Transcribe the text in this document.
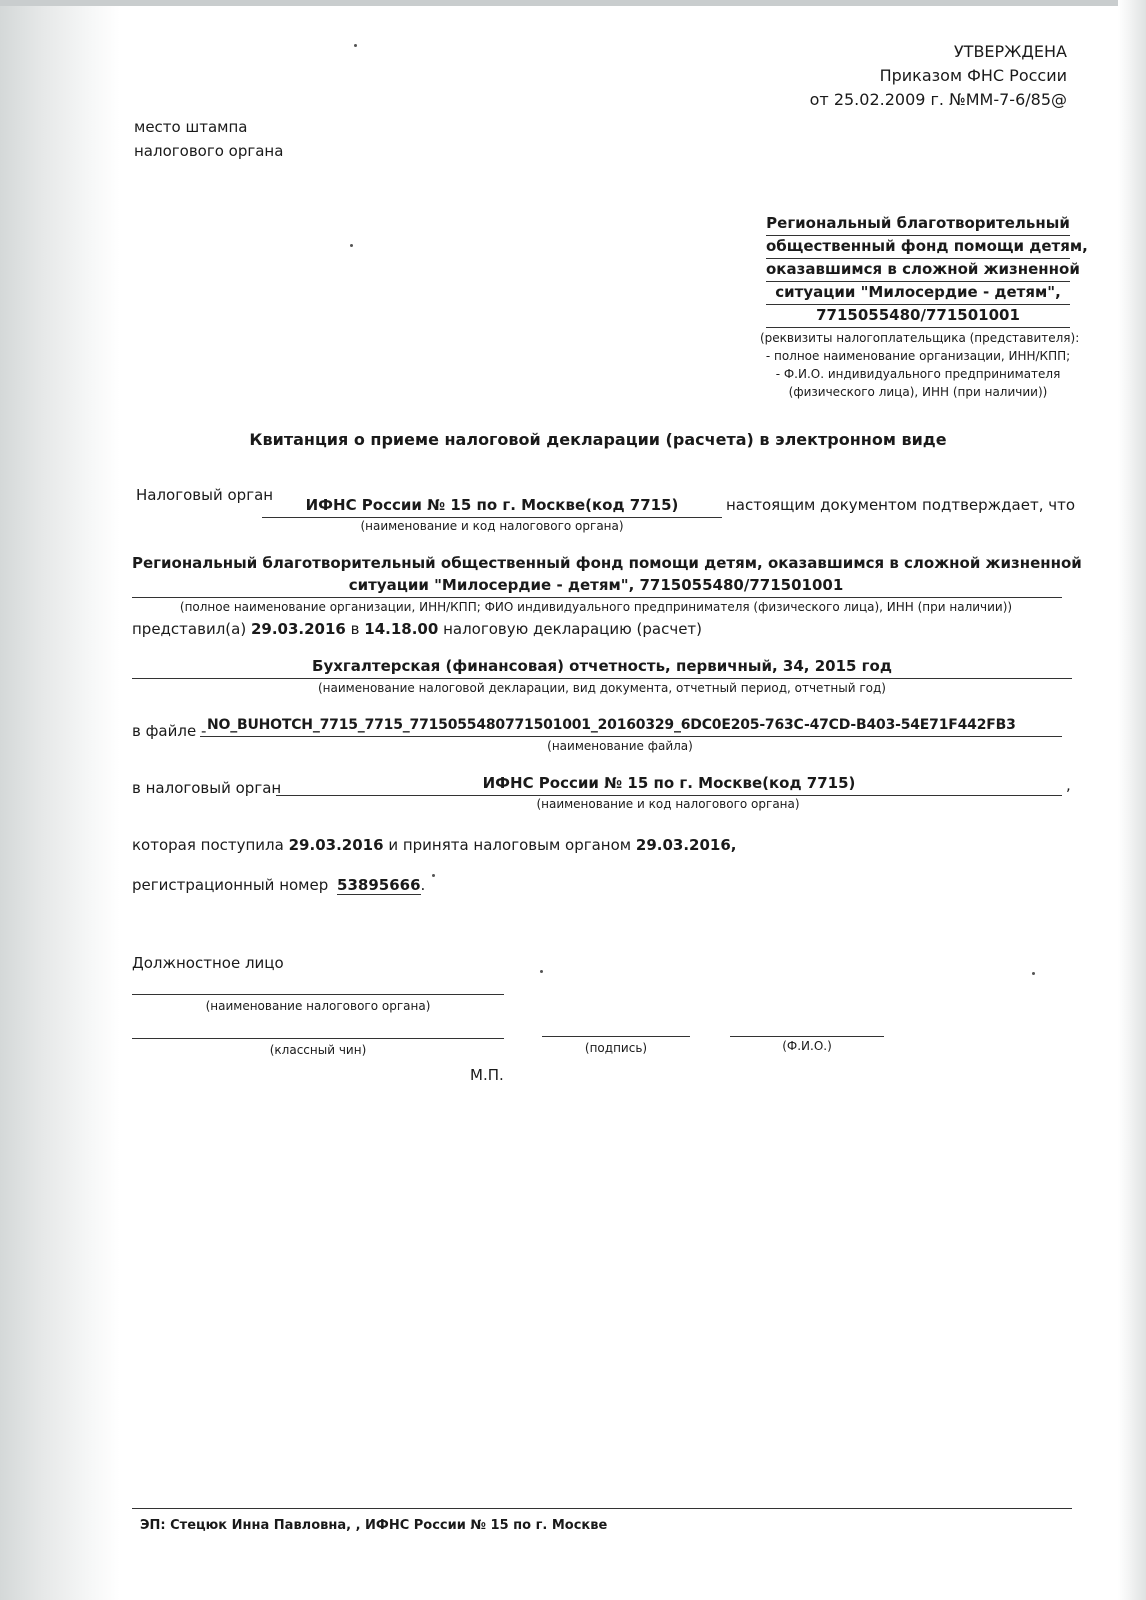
УТВЕРЖДЕНА
Приказом ФНС России
от 25.02.2009 г. №ММ-7-6/85@
место штампа
налогового органа
Региональный благотворительный
общественный фонд помощи детям,
оказавшимся в сложной жизненной
ситуации "Милосердие - детям",
7715055480/771501001
(реквизиты налогоплательщика (представителя):
- полное наименование организации, ИНН/КПП;
- Ф.И.О. индивидуального предпринимателя
(физического лица), ИНН (при наличии))
Квитанция о приеме налоговой декларации (расчета) в электронном виде
Налоговый орган
ИФНС России № 15 по г. Москве(код 7715)	настоящим документом подтверждает, что
(наименование и код налогового органа)
Региональный благотворительный общественный фонд помощи детям, оказавшимся в сложной жизненной
ситуации "Милосердие - детям", 7715055480/771501001
(полное наименование организации, ИНН/КПП; ФИО индивидуального предпринимателя (физического лица), ИНН (при наличии))
представил(а) 29.03.2016 в 14.18.00 налоговую декларацию (расчет)
Бухгалтерская (финансовая) отчетность, первичный, 34, 2015 год
(наименование налоговой декларации, вид документа, отчетный период, отчетный год)
в файле - NO_BUHOTCH_7715_7715_771505548077150100​1_20160329_6DC0E205-763C-47CD-B403-54E71F442FB3
(наименование файла)
в налоговый орган	ИФНС России № 15 по г. Москве(код 7715)	,
(наименование и код налогового органа)
которая поступила 29.03.2016 и принята налоговым органом 29.03.2016,
регистрационный номер 53895666.
Должностное лицо
(наименование налогового органа)
(классный чин)	(подпись)	(Ф.И.О.)
М.П.
ЭП: Стецюк Инна Павловна, , ИФНС России № 15 по г. Москве
